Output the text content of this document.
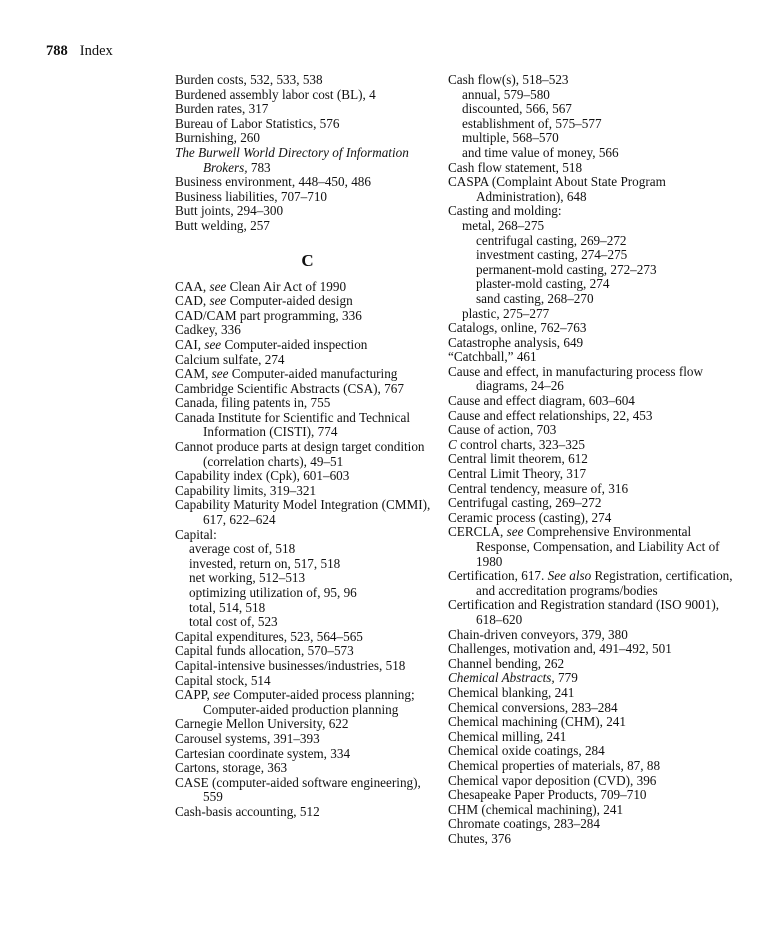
788 Index
Burden costs, 532, 533, 538
Burdened assembly labor cost (BL), 4
Burden rates, 317
Bureau of Labor Statistics, 576
Burnishing, 260
The Burwell World Directory of Information Brokers, 783
Business environment, 448–450, 486
Business liabilities, 707–710
Butt joints, 294–300
Butt welding, 257
C
CAA, see Clean Air Act of 1990
CAD, see Computer-aided design
CAD/CAM part programming, 336
Cadkey, 336
CAI, see Computer-aided inspection
Calcium sulfate, 274
CAM, see Computer-aided manufacturing
Cambridge Scientific Abstracts (CSA), 767
Canada, filing patents in, 755
Canada Institute for Scientific and Technical Information (CISTI), 774
Cannot produce parts at design target condition (correlation charts), 49–51
Capability index (Cpk), 601–603
Capability limits, 319–321
Capability Maturity Model Integration (CMMI), 617, 622–624
Capital:
average cost of, 518
invested, return on, 517, 518
net working, 512–513
optimizing utilization of, 95, 96
total, 514, 518
total cost of, 523
Capital expenditures, 523, 564–565
Capital funds allocation, 570–573
Capital-intensive businesses/industries, 518
Capital stock, 514
CAPP, see Computer-aided process planning; Computer-aided production planning
Carnegie Mellon University, 622
Carousel systems, 391–393
Cartesian coordinate system, 334
Cartons, storage, 363
CASE (computer-aided software engineering), 559
Cash-basis accounting, 512
Cash flow(s), 518–523
annual, 579–580
discounted, 566, 567
establishment of, 575–577
multiple, 568–570
and time value of money, 566
Cash flow statement, 518
CASPA (Complaint About State Program Administration), 648
Casting and molding:
metal, 268–275
centrifugal casting, 269–272
investment casting, 274–275
permanent-mold casting, 272–273
plaster-mold casting, 274
sand casting, 268–270
plastic, 275–277
Catalogs, online, 762–763
Catastrophe analysis, 649
“Catchball,” 461
Cause and effect, in manufacturing process flow diagrams, 24–26
Cause and effect diagram, 603–604
Cause and effect relationships, 22, 453
Cause of action, 703
C control charts, 323–325
Central limit theorem, 612
Central Limit Theory, 317
Central tendency, measure of, 316
Centrifugal casting, 269–272
Ceramic process (casting), 274
CERCLA, see Comprehensive Environmental Response, Compensation, and Liability Act of 1980
Certification, 617. See also Registration, certification, and accreditation programs/bodies
Certification and Registration standard (ISO 9001), 618–620
Chain-driven conveyors, 379, 380
Challenges, motivation and, 491–492, 501
Channel bending, 262
Chemical Abstracts, 779
Chemical blanking, 241
Chemical conversions, 283–284
Chemical machining (CHM), 241
Chemical milling, 241
Chemical oxide coatings, 284
Chemical properties of materials, 87, 88
Chemical vapor deposition (CVD), 396
Chesapeake Paper Products, 709–710
CHM (chemical machining), 241
Chromate coatings, 283–284
Chutes, 376
